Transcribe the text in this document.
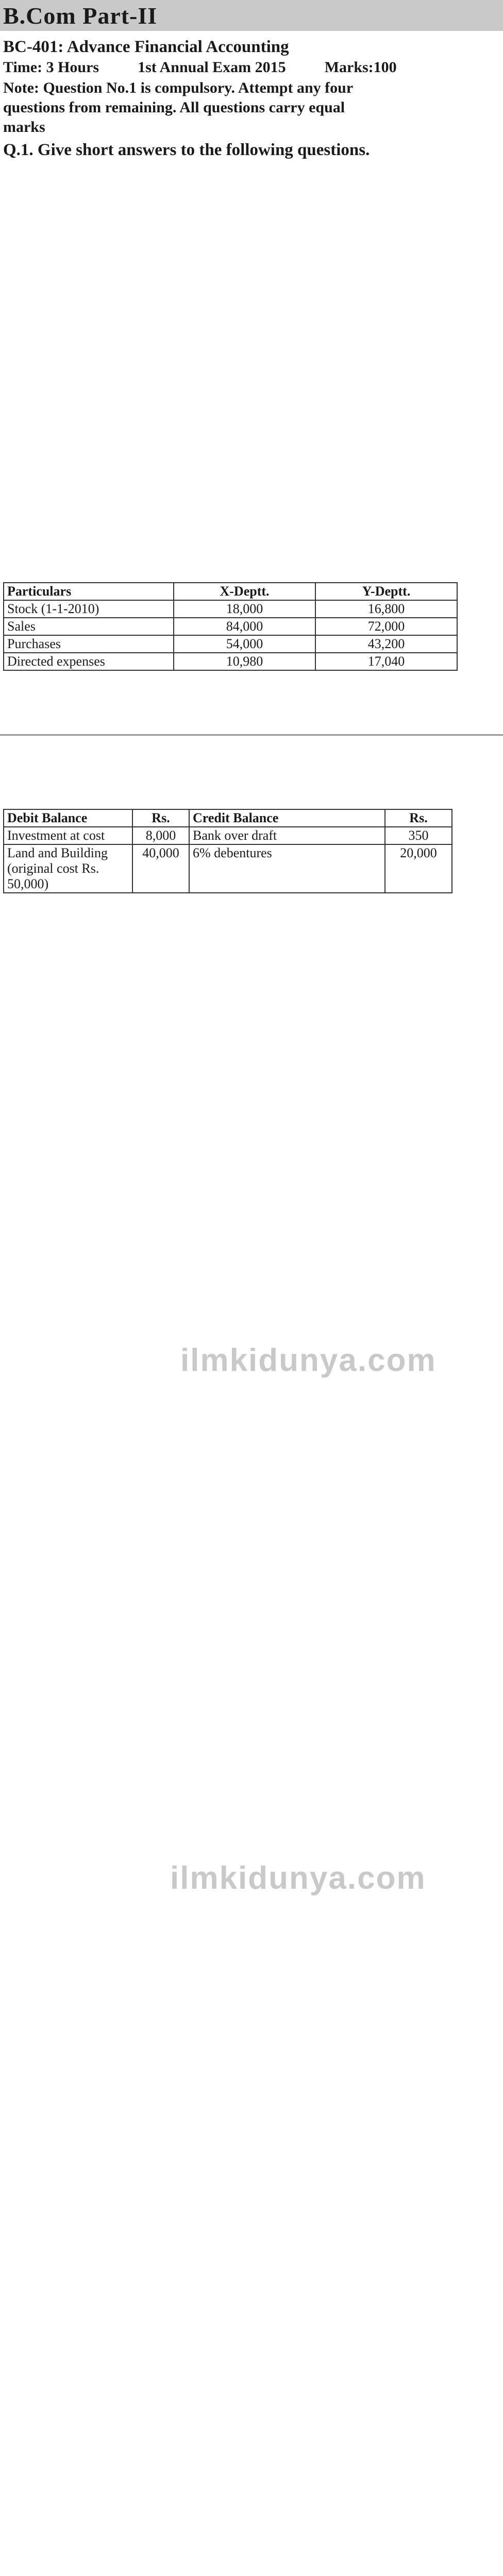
B.Com Part-II
BC-401: Advance Financial Accounting
Time: 3 Hours	1st Annual Exam 2015	Marks:100
Note: Question No.1 is compulsory. Attempt any four
questions from remaining. All questions carry equal
marks
Q.1. Give short answers to the following questions.
Particulars	X-Deptt.	Y-Deptt.
Stock (1-1-2010)	18,000	16,800
Sales	84,000	72,000
Purchases	54,000	43,200
Directed expenses	10,980	17,040
Debit Balance	Rs.	Credit Balance	Rs.
Investment at cost	8,000	Bank over draft	350
Land and Building (original cost Rs. 50,000)	40,000	6% debentures	20,000
ilmkidunya.com
ilmkidunya.com
